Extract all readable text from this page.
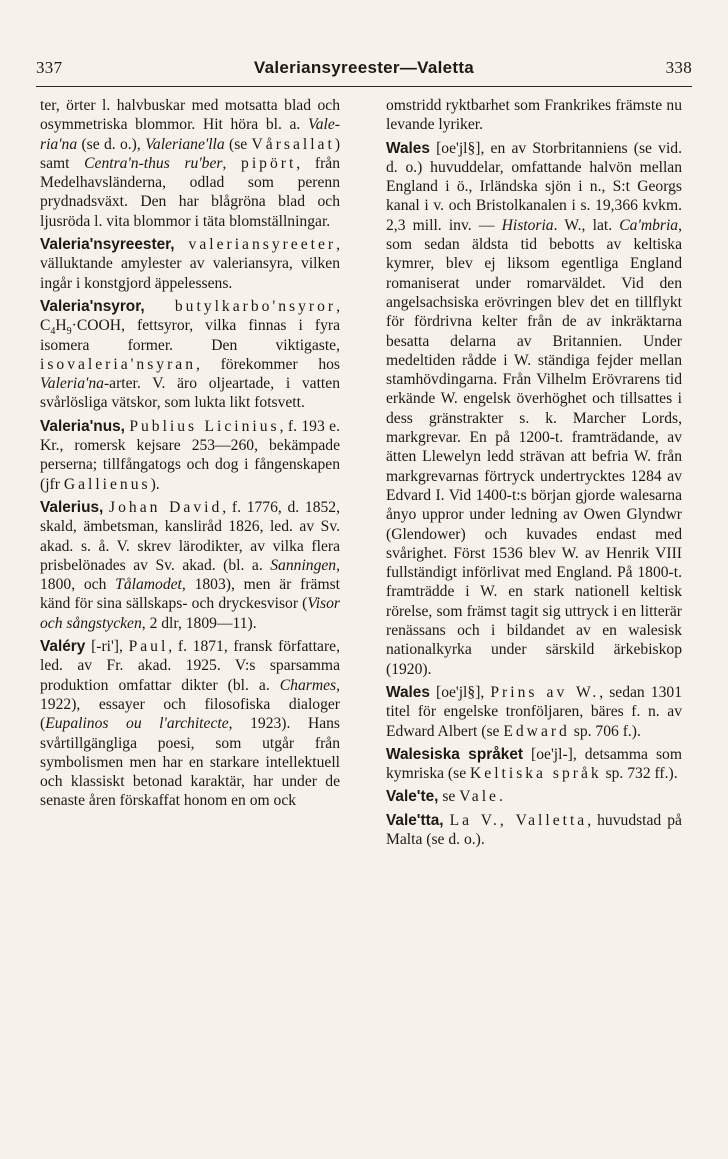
337	Valeriansyreester—Valetta	338

ter, örter l. halvbuskar med motsatta blad och osymmetriska blommor. Hit höra bl. a. Vale-ria'na (se d. o.), Valeriane'lla (se Vårsallat) samt Centra'n-thus ru'ber, pipört, från Medelhavsländerna, odlad som perenn prydnadsväxt. Den har blågröna blad och ljusröda l. vita blommor i täta blomställningar.

Valeria'nsyreester, valeriansyreeter, välluktande amylester av valeriansyra, vilken ingår i konstgjord äppelessens.

Valeria'nsyror, butylkarbo'nsyror, $C_4H_9\cdot COOH$, fettsyror, vilka finnas i fyra isomera former. Den viktigaste, isovaleria'nsyran, förekommer hos Valeria'na-arter. V. äro oljeartade, i vatten svårlösliga vätskor, som lukta likt fotsvett.

Valeria'nus, Publius Licinius, f. 193 e. Kr., romersk kejsare 253—260, bekämpade perserna; tillfångatogs och dog i fångenskapen (jfr Gallienus).

Valerius, Johan David, f. 1776, d. 1852, skald, ämbetsman, kansliråd 1826, led. av Sv. akad. s. å. V. skrev lärodikter, av vilka flera prisbelönades av Sv. akad. (bl. a. Sanningen, 1800, och Tålamodet, 1803), men är främst känd för sina sällskaps- och dryckesvisor (Visor och sångstycken, 2 dlr, 1809—11).

Valéry [-ri'], Paul, f. 1871, fransk författare, led. av Fr. akad. 1925. V:s sparsamma produktion omfattar dikter (bl. a. Charmes, 1922), essayer och filosofiska dialoger (Eupalinos ou l'architecte, 1923). Hans svårtillgängliga poesi, som utgår från symbolismen men har en starkare intellektuell och klassiskt betonad karaktär, har under de senaste åren förskaffat honom en om ock

omstridd ryktbarhet som Frankrikes främste nu levande lyriker.

Wales [oe'jl§], en av Storbritanniens (se vid. d. o.) huvuddelar, omfattande halvön mellan England i ö., Irländska sjön i n., S:t Georgs kanal i v. och Bristolkanalen i s. 19,366 kvkm. 2,3 mill. inv. — Historia. W., lat. Ca'mbria, som sedan äldsta tid bebotts av keltiska kymrer, blev ej liksom egentliga England romaniserat under romarväldet. Vid den angelsachsiska erövringen blev det en tillflykt för fördrivna kelter från de av inkräktarna besatta delarna av Britannien. Under medeltiden rådde i W. ständiga fejder mellan stamhövdingarna. Från Vilhelm Erövrarens tid erkände W. engelsk överhöghet och tillsattes i dess gränstrakter s. k. Marcher Lords, markgrevar. En på 1200-t. framträdande, av ätten Llewelyn ledd strävan att befria W. från markgrevarnas förtryck undertrycktes 1284 av Edvard I. Vid 1400-t:s början gjorde walesarna ånyo uppror under ledning av Owen Glyndwr (Glendower) och kuvades endast med svårighet. Först 1536 blev W. av Henrik VIII fullständigt införlivat med England. På 1800-t. framträdde i W. en stark nationell keltisk rörelse, som främst tagit sig uttryck i en litterär renässans och i bildandet av en walesisk nationalkyrka under särskild ärkebiskop (1920).

Wales [oe'jl§], Prins av W., sedan 1301 titel för engelske tronföljaren, bäres f. n. av Edward Albert (se Edward sp. 706 f.).

Walesiska språket [oe'jl-], detsamma som kymriska (se Keltiska språk sp. 732 ff.).

Vale'te, se Vale.

Vale'tta, La V., Valletta, huvudstad på Malta (se d. o.).
